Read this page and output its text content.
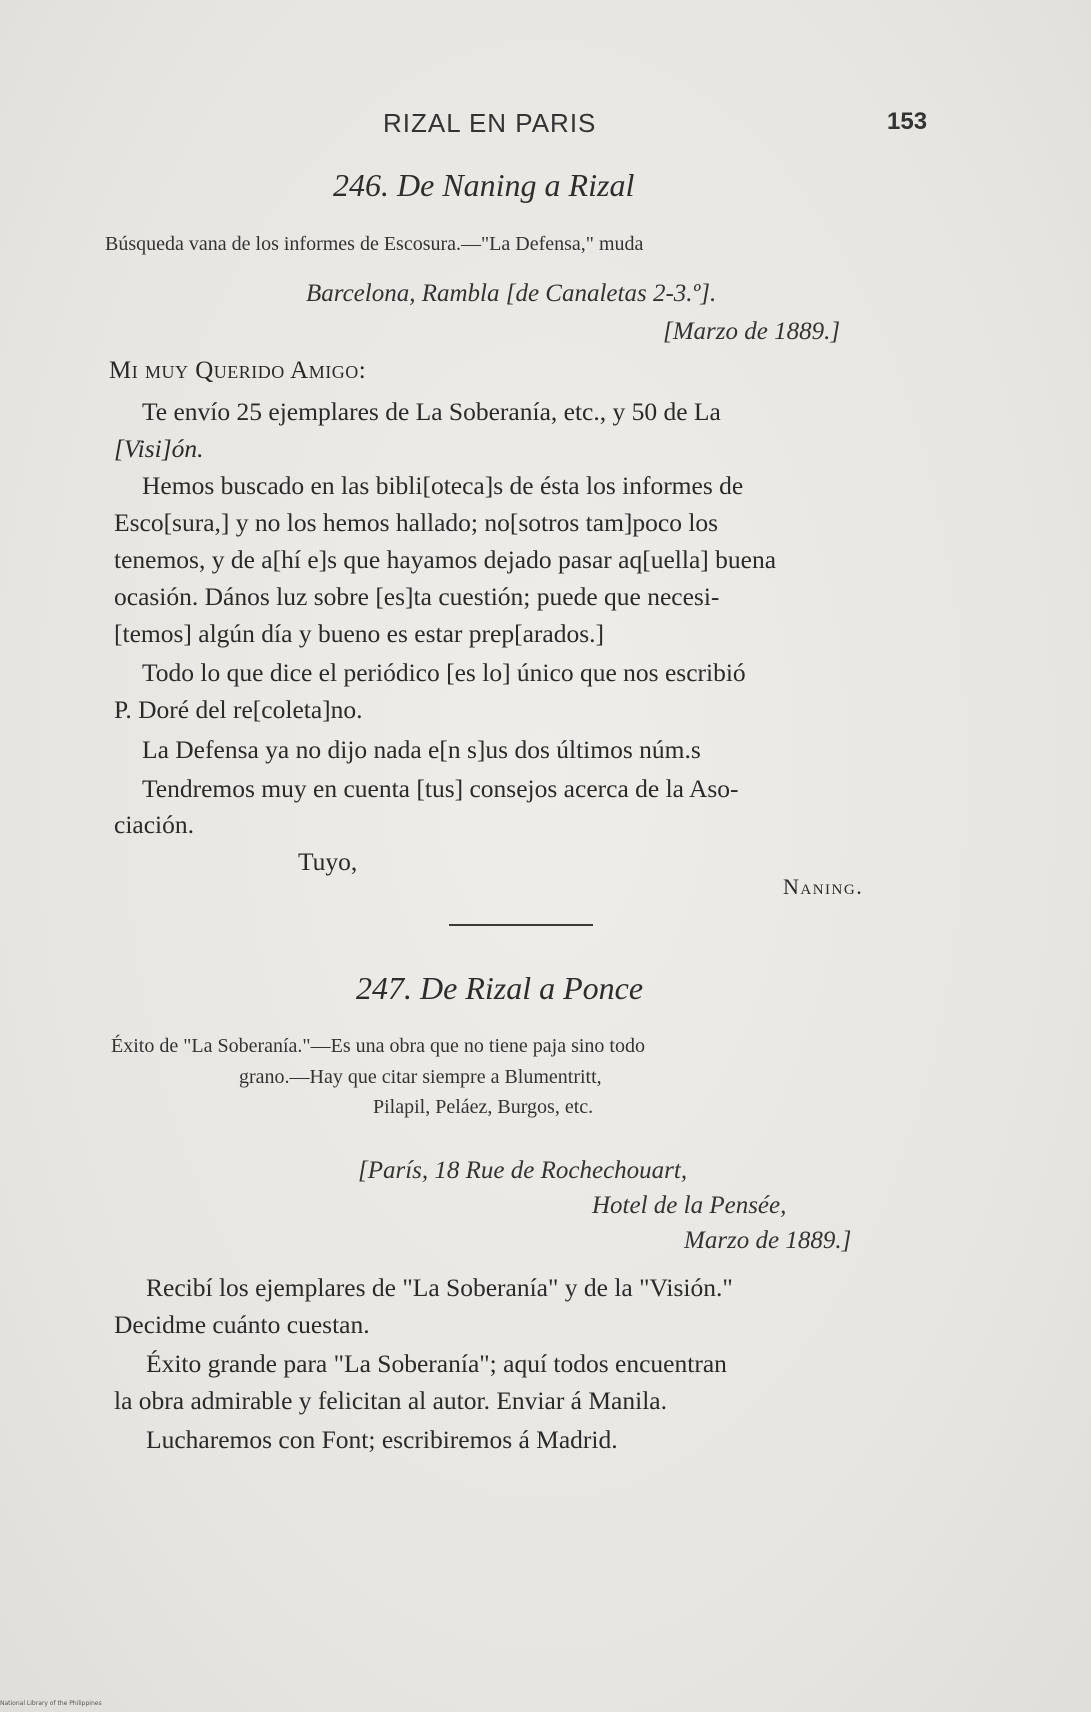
RIZAL EN PARIS	153
246. De Naning a Rizal
Búsqueda vana de los informes de Escosura.—"La Defensa," muda
Barcelona, Rambla [de Canaletas 2-3.º].
[Marzo de 1889.]
Mi muy Querido Amigo:
Te envío 25 ejemplares de La Soberanía, etc., y 50 de La
[Visi]ón.
Hemos buscado en las bibli[oteca]s de ésta los informes de
Esco[sura,] y no los hemos hallado; no[sotros tam]poco los
tenemos, y de a[hí e]s que hayamos dejado pasar aq[uella] buena
ocasión. Dános luz sobre [es]ta cuestión; puede que necesi-
[temos] algún día y bueno es estar prep[arados.]
Todo lo que dice el periódico [es lo] único que nos escribió
P. Doré del re[coleta]no.
La Defensa ya no dijo nada e[n s]us dos últimos núm.s
Tendremos muy en cuenta [tus] consejos acerca de la Aso-
ciación.
Tuyo,
Naning.
247. De Rizal a Ponce
Éxito de "La Soberanía."—Es una obra que no tiene paja sino todo
grano.—Hay que citar siempre a Blumentritt,
Pilapil, Peláez, Burgos, etc.
[París, 18 Rue de Rochechouart,
Hotel de la Pensée,
Marzo de 1889.]
Recibí los ejemplares de "La Soberanía" y de la "Visión."
Decidme cuánto cuestan.
Éxito grande para "La Soberanía"; aquí todos encuentran
la obra admirable y felicitan al autor. Enviar á Manila.
Lucharemos con Font; escribiremos á Madrid.
National Library of the Philippines
